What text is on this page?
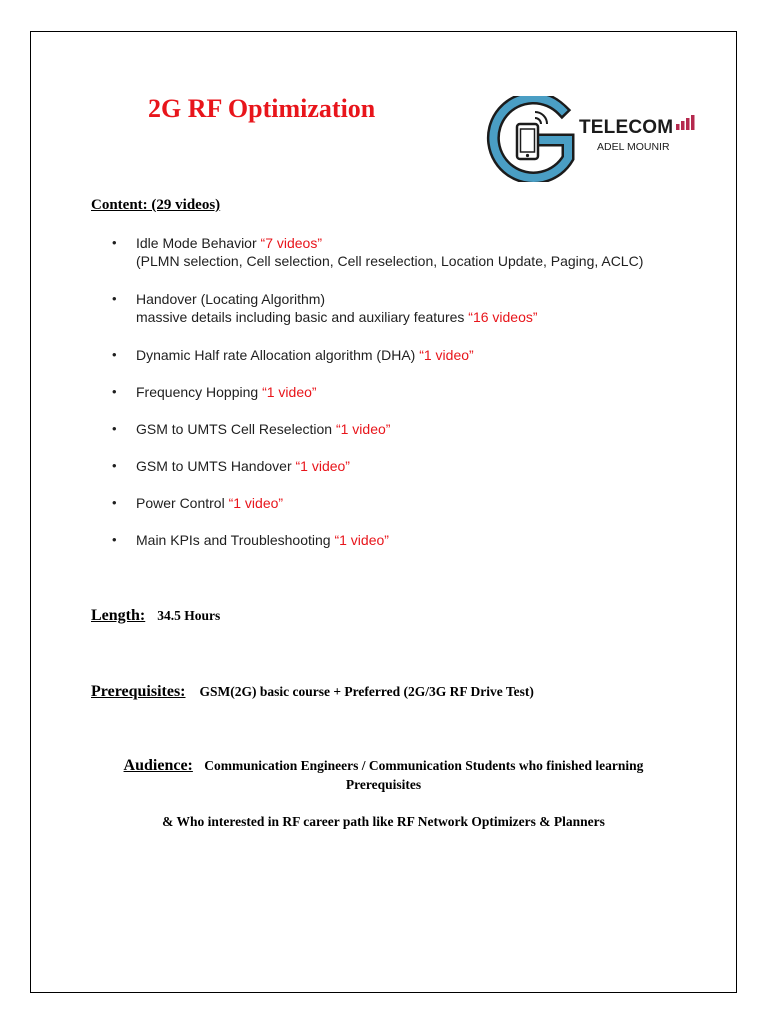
2G RF Optimization
TELECOM
ADEL MOUNIR
Content: (29 videos)
•	Idle Mode Behavior “7 videos”
(PLMN selection, Cell selection, Cell reselection, Location Update, Paging, ACLC)
•	Handover (Locating Algorithm)
massive details including basic and auxiliary features “16 videos”
•	Dynamic Half rate Allocation algorithm (DHA) “1 video”
•	Frequency Hopping “1 video”
•	GSM to UMTS Cell Reselection “1 video”
•	GSM to UMTS Handover “1 video”
•	Power Control “1 video”
•	Main KPIs and Troubleshooting “1 video”
Length: 34.5 Hours
Prerequisites: GSM(2G) basic course + Preferred (2G/3G RF Drive Test)
Audience: Communication Engineers / Communication Students who finished learning
Prerequisites
& Who interested in RF career path like RF Network Optimizers & Planners
